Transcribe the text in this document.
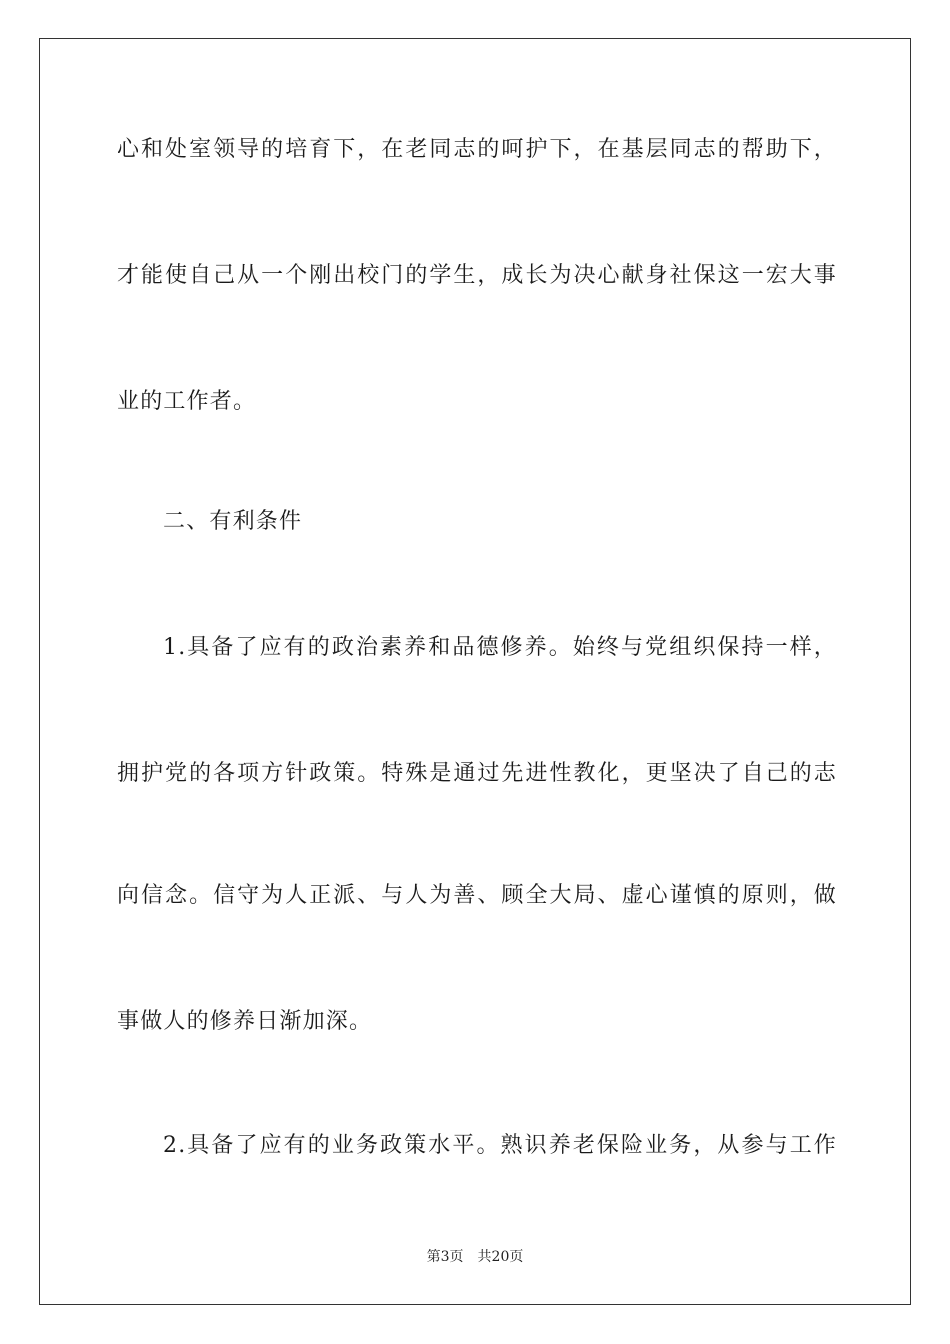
心和处室领导的培育下，在老同志的呵护下，在基层同志的帮助下，
才能使自己从一个刚出校门的学生，成长为决心献身社保这一宏大事
业的工作者。
二、有利条件
1.具备了应有的政治素养和品德修养。始终与党组织保持一样，
拥护党的各项方针政策。特殊是通过先进性教化，更坚决了自己的志
向信念。信守为人正派、与人为善、顾全大局、虚心谨慎的原则，做
事做人的修养日渐加深。
2.具备了应有的业务政策水平。熟识养老保险业务，从参与工作
第3页 共20页
